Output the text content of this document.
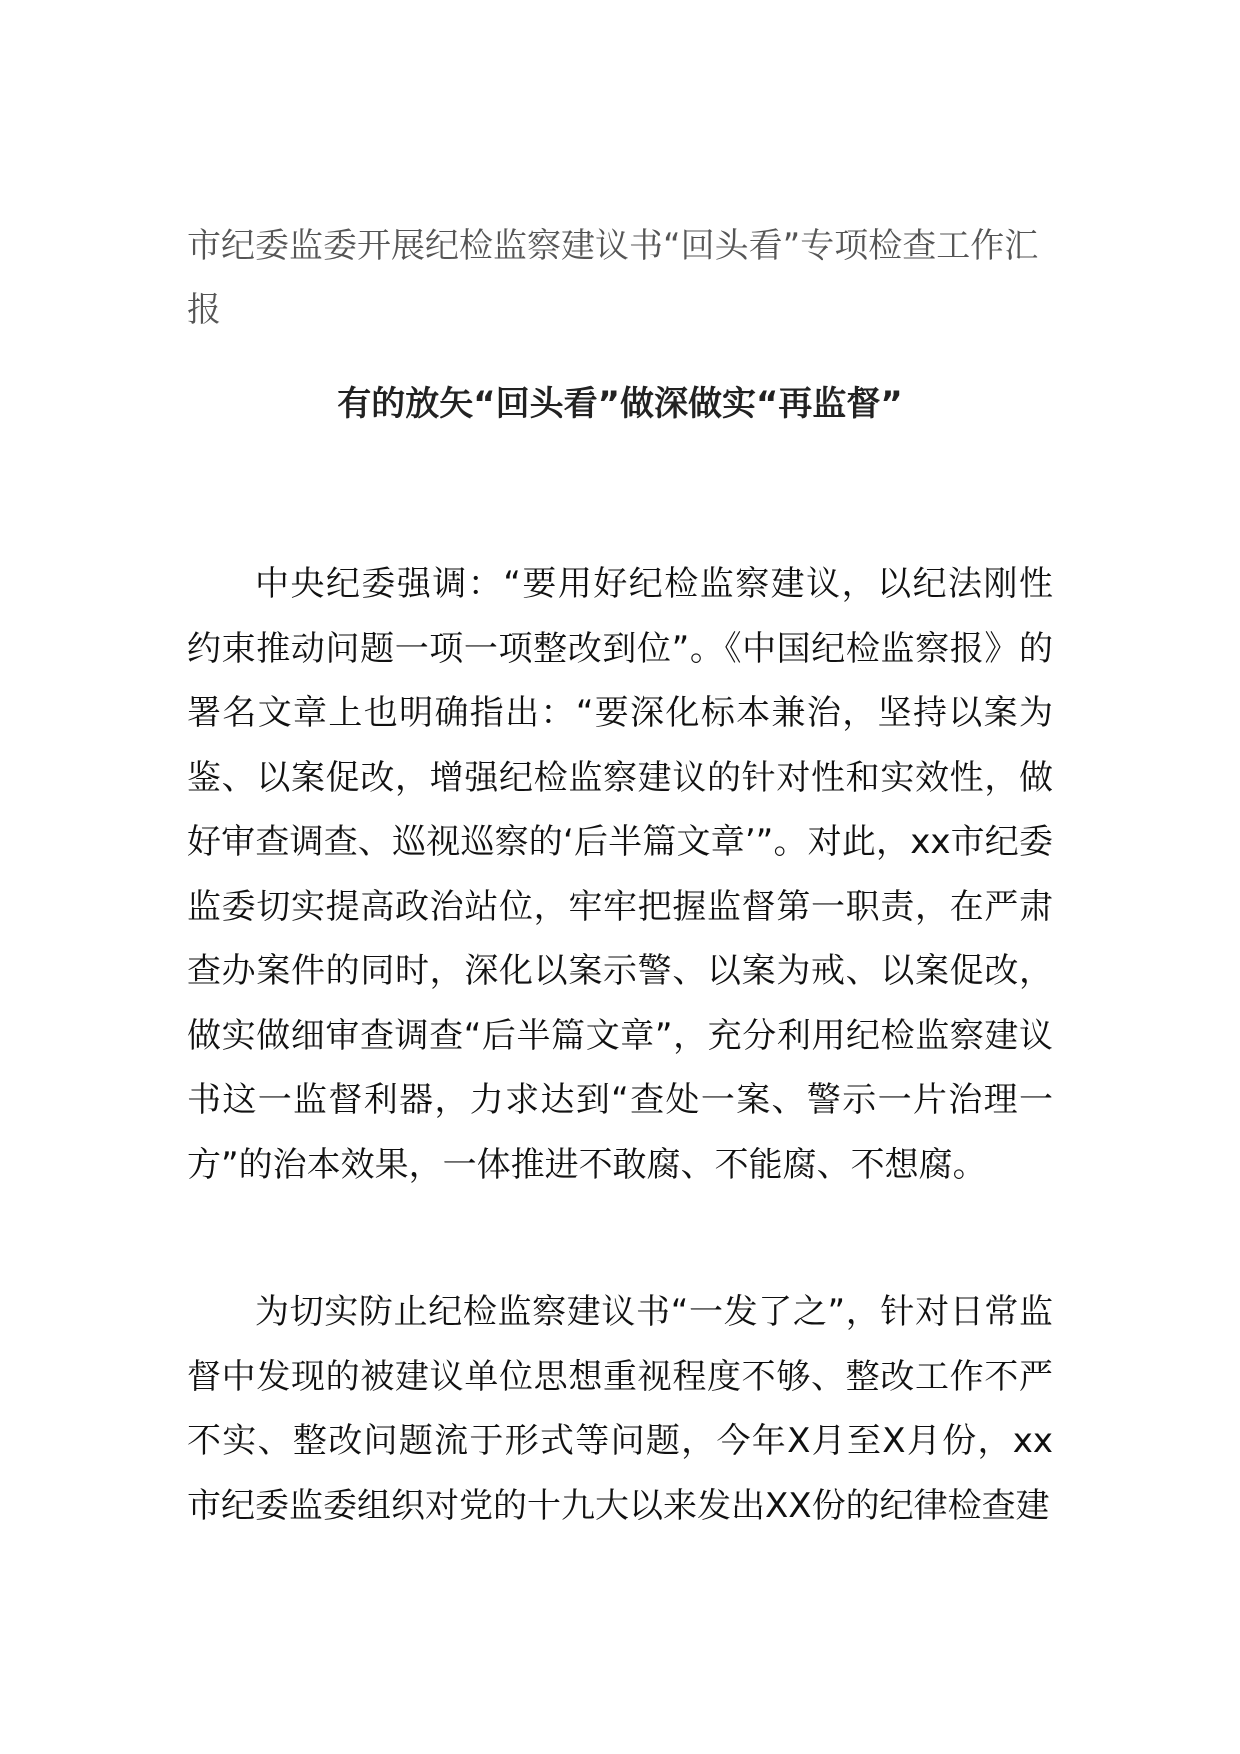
市纪委监委开展纪检监察建议书“回头看”专项检查工作汇报
有的放矢“回头看”做深做实“再监督”

中央纪委强调：“要用好纪检监察建议，以纪法刚性约束推动问题一项一项整改到位”。《中国纪检监察报》的署名文章上也明确指出：“要深化标本兼治，坚持以案为鉴、以案促改，增强纪检监察建议的针对性和实效性，做好审查调查、巡视巡察的‘后半篇文章’”。对此，xx市纪委监委切实提高政治站位，牢牢把握监督第一职责，在严肃查办案件的同时，深化以案示警、以案为戒、以案促改，做实做细审查调查“后半篇文章”，充分利用纪检监察建议书这一监督利器，力求达到“查处一案、警示一片治理一方”的治本效果，一体推进不敢腐、不能腐、不想腐。

为切实防止纪检监察建议书“一发了之”，针对日常监督中发现的被建议单位思想重视程度不够、整改工作不严不实、整改问题流于形式等问题，今年X月至X月份，xx市纪委监委组织对党的十九大以来发出XX份的纪律检查建
